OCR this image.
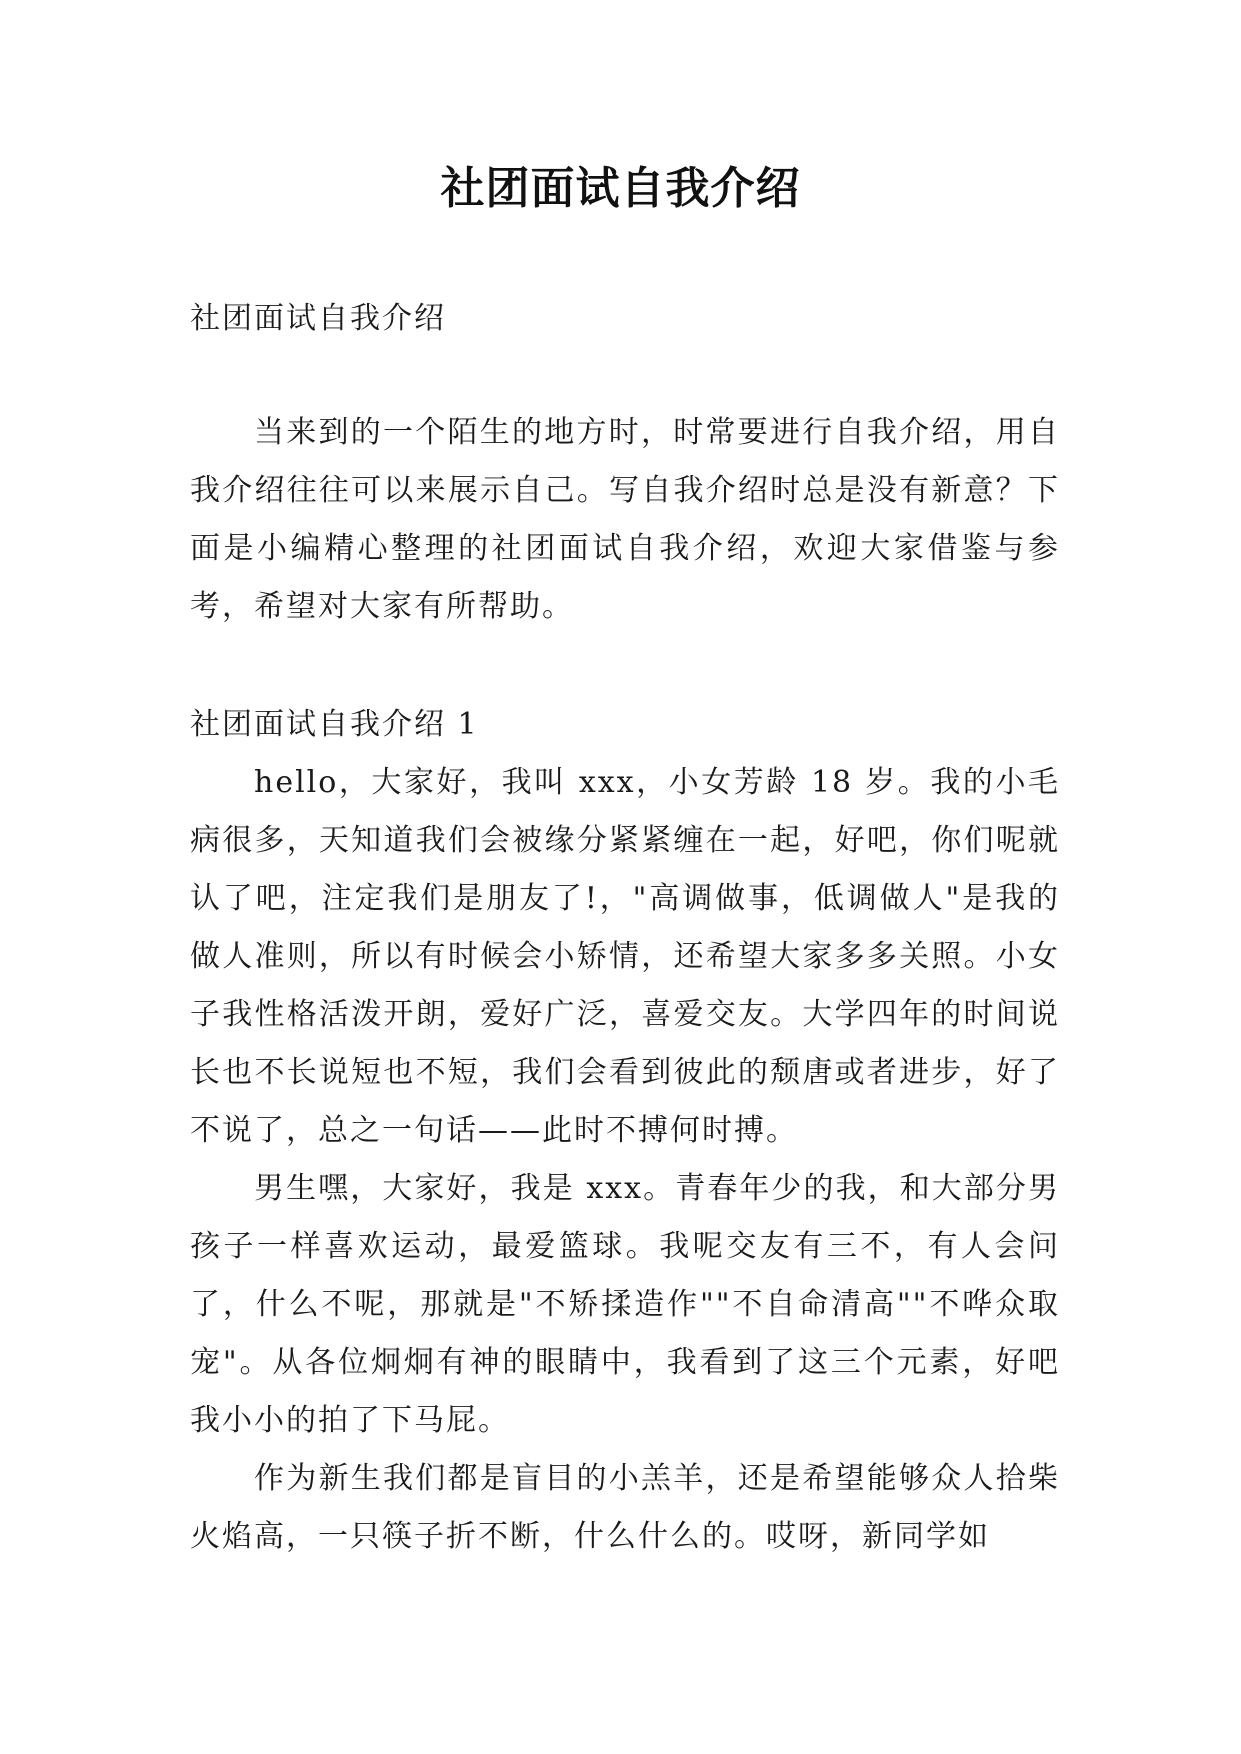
社团面试自我介绍

社团面试自我介绍

当来到的一个陌生的地方时，时常要进行自我介绍，用自我介绍往往可以来展示自己。写自我介绍时总是没有新意？下面是小编精心整理的社团面试自我介绍，欢迎大家借鉴与参考，希望对大家有所帮助。

社团面试自我介绍 1

hello，大家好，我叫 xxx，小女芳龄 18 岁。我的小毛病很多，天知道我们会被缘分紧紧缠在一起，好吧，你们呢就认了吧，注定我们是朋友了!，"高调做事，低调做人"是我的做人准则，所以有时候会小矫情，还希望大家多多关照。小女子我性格活泼开朗，爱好广泛，喜爱交友。大学四年的时间说长也不长说短也不短，我们会看到彼此的颓唐或者进步，好了不说了，总之一句话——此时不搏何时搏。

男生嘿，大家好，我是 xxx。青春年少的我，和大部分男孩子一样喜欢运动，最爱篮球。我呢交友有三不，有人会问了，什么不呢，那就是"不矫揉造作""不自命清高""不哗众取宠"。从各位炯炯有神的眼睛中，我看到了这三个元素，好吧我小小的拍了下马屁。

作为新生我们都是盲目的小羔羊，还是希望能够众人拾柴火焰高，一只筷子折不断，什么什么的。哎呀，新同学如
